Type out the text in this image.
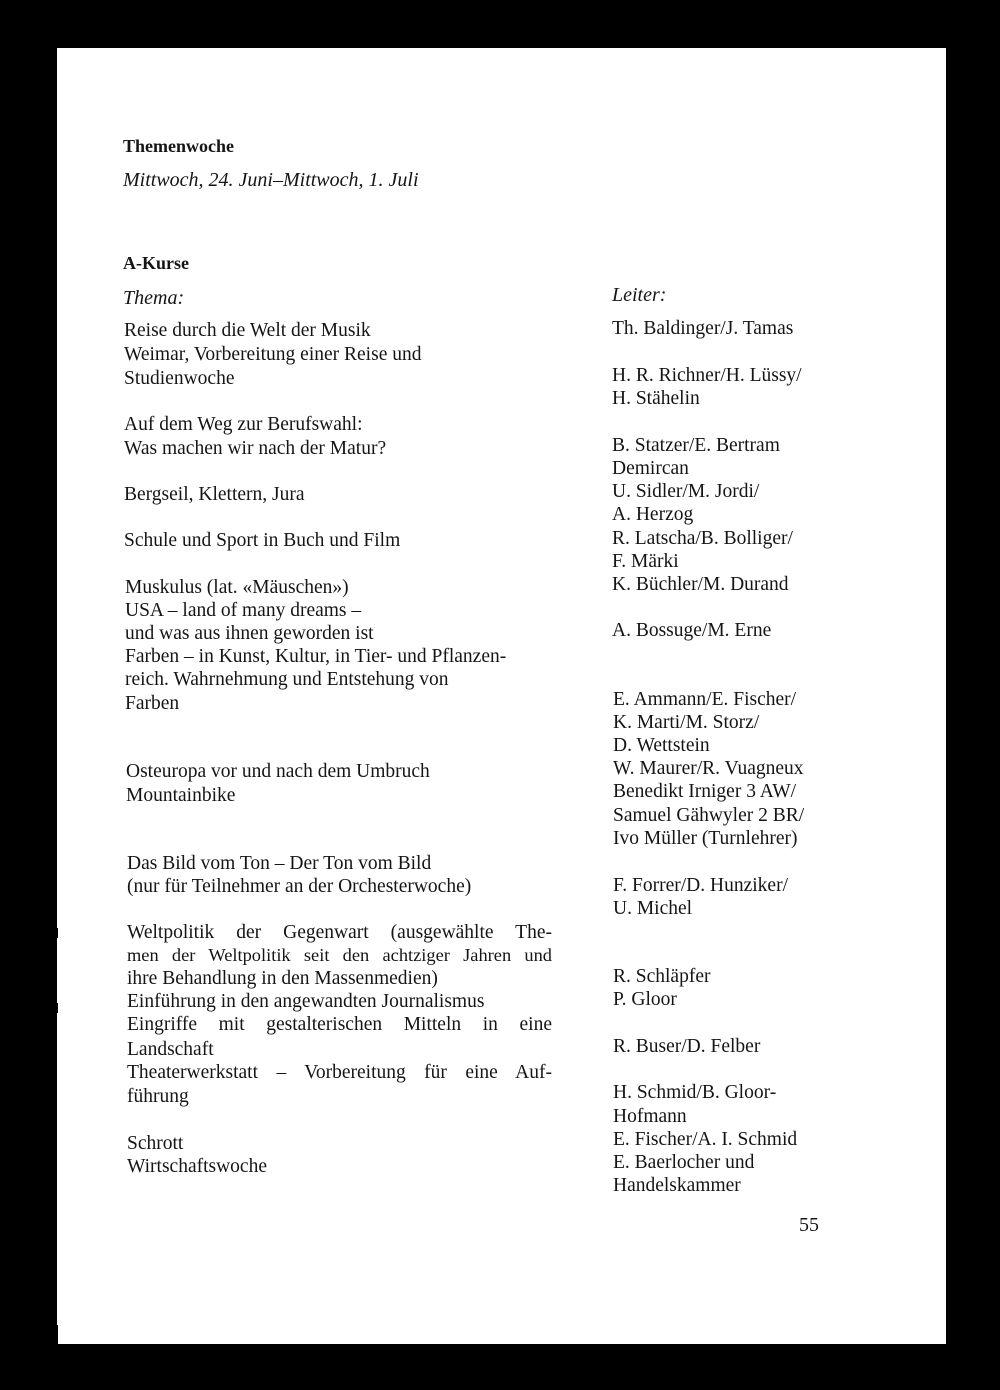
Themenwoche
Mittwoch, 24. Juni–Mittwoch, 1. Juli
A-Kurse
Thema:	Leiter:
Reise durch die Welt der Musik
Weimar, Vorbereitung einer Reise und
Studienwoche
Auf dem Weg zur Berufswahl:
Was machen wir nach der Matur?
Bergseil, Klettern, Jura
Schule und Sport in Buch und Film
Muskulus (lat. «Mäuschen»)
USA – land of many dreams –
und was aus ihnen geworden ist
Farben – in Kunst, Kultur, in Tier- und Pflanzen-
reich. Wahrnehmung und Entstehung von
Farben
Osteuropa vor und nach dem Umbruch
Mountainbike
Das Bild vom Ton – Der Ton vom Bild
(nur für Teilnehmer an der Orchesterwoche)
Weltpolitik der Gegenwart (ausgewählte The-
men der Weltpolitik seit den achtziger Jahren und
ihre Behandlung in den Massenmedien)
Einführung in den angewandten Journalismus
Eingriffe mit gestalterischen Mitteln in eine
Landschaft
Theaterwerkstatt – Vorbereitung für eine Auf-
führung
Schrott
Wirtschaftswoche
Th. Baldinger/J. Tamas
H. R. Richner/H. Lüssy/
H. Stähelin
B. Statzer/E. Bertram
Demircan
U. Sidler/M. Jordi/
A. Herzog
R. Latscha/B. Bolliger/
F. Märki
K. Büchler/M. Durand
A. Bossuge/M. Erne
E. Ammann/E. Fischer/
K. Marti/M. Storz/
D. Wettstein
W. Maurer/R. Vuagneux
Benedikt Irniger 3 AW/
Samuel Gähwyler 2 BR/
Ivo Müller (Turnlehrer)
F. Forrer/D. Hunziker/
U. Michel
R. Schläpfer
P. Gloor
R. Buser/D. Felber
H. Schmid/B. Gloor-
Hofmann
E. Fischer/A. I. Schmid
E. Baerlocher und
Handelskammer
55
